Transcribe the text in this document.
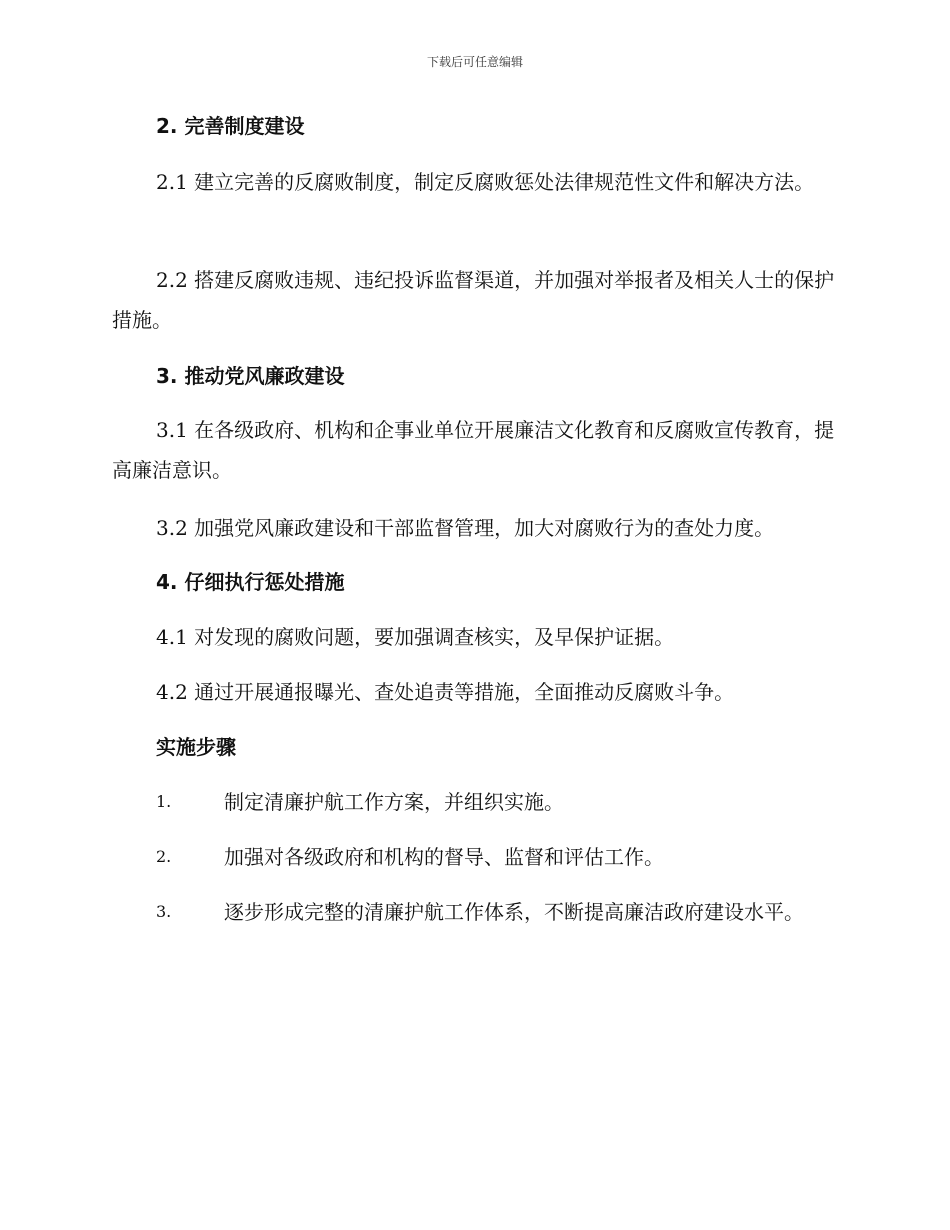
下载后可任意编辑
2. 完善制度建设

2.1 建立完善的反腐败制度，制定反腐败惩处法律规范性文件和解决方法。

2.2 搭建反腐败违规、违纪投诉监督渠道，并加强对举报者及相关人士的保护措施。

3. 推动党风廉政建设

3.1 在各级政府、机构和企事业单位开展廉洁文化教育和反腐败宣传教育，提高廉洁意识。

3.2 加强党风廉政建设和干部监督管理，加大对腐败行为的查处力度。

4. 仔细执行惩处措施

4.1 对发现的腐败问题，要加强调查核实，及早保护证据。

4.2 通过开展通报曝光、查处追责等措施，全面推动反腐败斗争。

实施步骤
1.	制定清廉护航工作方案，并组织实施。
2.	加强对各级政府和机构的督导、监督和评估工作。
3.	逐步形成完整的清廉护航工作体系，不断提高廉洁政府建设水平。
